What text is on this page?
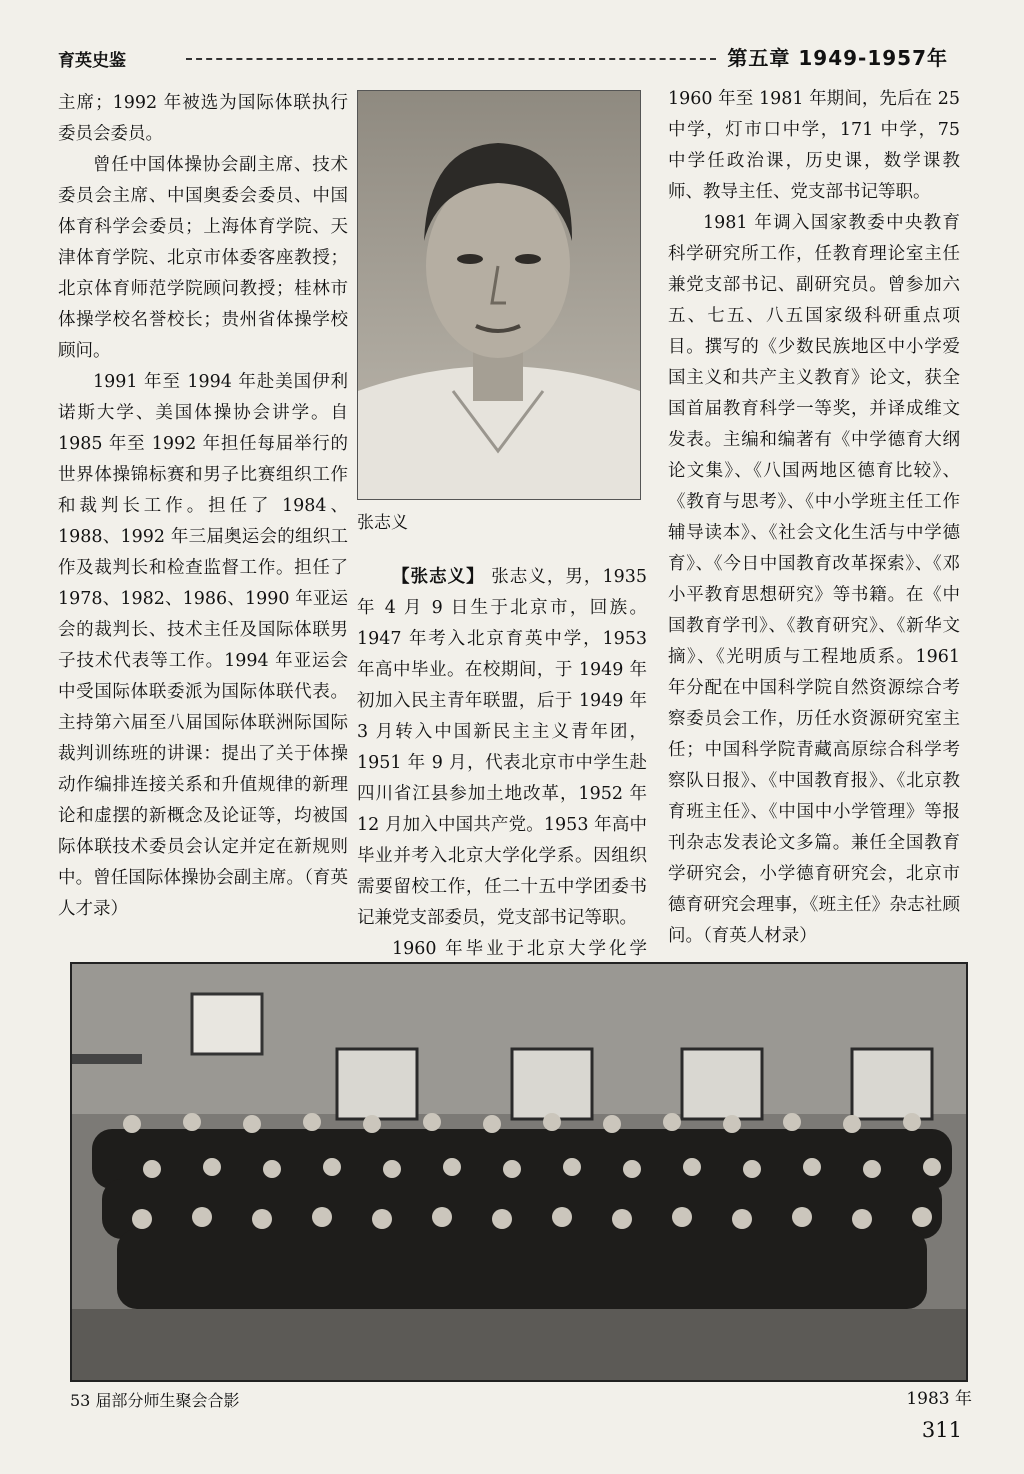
育英史鉴	第五章 1949-1957年

主席；1992 年被选为国际体联执行委员会委员。

曾任中国体操协会副主席、技术委员会主席、中国奥委会委员、中国体育科学会委员；上海体育学院、天津体育学院、北京市体委客座教授；北京体育师范学院顾问教授；桂林市体操学校名誉校长；贵州省体操学校顾问。

1991 年至 1994 年赴美国伊利诺斯大学、美国体操协会讲学。自 1985 年至 1992 年担任每届举行的世界体操锦标赛和男子比赛组织工作和裁判长工作。担任了 1984、1988、1992 年三届奥运会的组织工作及裁判长和检查监督工作。担任了 1978、1982、1986、1990 年亚运会的裁判长、技术主任及国际体联男子技术代表等工作。1994 年亚运会中受国际体联委派为国际体联代表。主持第六届至八届国际体联洲际国际裁判训练班的讲课：提出了关于体操动作编排连接关系和升值规律的新理论和虚摆的新概念及论证等，均被国际体联技术委员会认定并定在新规则中。曾任国际体操协会副主席。（育英人才录）

张志义

【张志义】 张志义，男，1935 年 4 月 9 日生于北京市，回族。1947 年考入北京育英中学，1953 年高中毕业。在校期间，于 1949 年初加入民主青年联盟，后于 1949 年 3 月转入中国新民主主义青年团，1951 年 9 月，代表北京市中学生赴四川省江县参加土地改革，1952 年 12 月加入中国共产党。1953 年高中毕业并考入北京大学化学系。因组织需要留校工作，任二十五中学团委书记兼党支部委员，党支部书记等职。

1960 年毕业于北京大学化学

1960 年至 1981 年期间，先后在 25 中学，灯市口中学，171 中学，75 中学任政治课，历史课，数学课教师、教导主任、党支部书记等职。

1981 年调入国家教委中央教育科学研究所工作，任教育理论室主任兼党支部书记、副研究员。曾参加六五、七五、八五国家级科研重点项目。撰写的《少数民族地区中小学爱国主义和共产主义教育》论文，获全国首届教育科学一等奖，并译成维文发表。主编和编著有《中学德育大纲论文集》、《八国两地区德育比较》、《教育与思考》、《中小学班主任工作辅导读本》、《社会文化生活与中学德育》、《今日中国教育改革探索》、《邓小平教育思想研究》等书籍。在《中国教育学刊》、《教育研究》、《新华文摘》、《光明质与工程地质系。1961 年分配在中国科学院自然资源综合考察委员会工作，历任水资源研究室主任；中国科学院青藏高原综合科学考察队日报》、《中国教育报》、《北京教育班主任》、《中国中小学管理》等报刊杂志发表论文多篇。兼任全国教育学研究会，小学德育研究会，北京市德育研究会理事，《班主任》杂志社顾问。（育英人材录）

53 届部分师生聚会合影	1983 年
311
